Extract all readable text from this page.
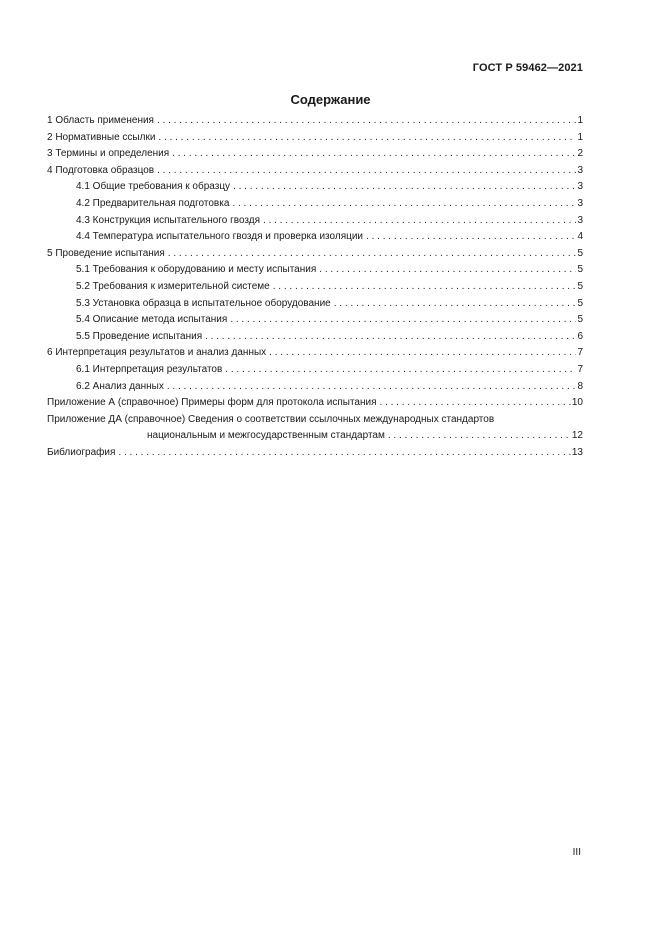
ГОСТ Р 59462—2021
Содержание
1 Область применения . . .	1
2 Нормативные ссылки . . .	1
3 Термины и определения . . .	2
4 Подготовка образцов . . .	3
4.1 Общие требования к образцу . . .	3
4.2 Предварительная подготовка . . .	3
4.3 Конструкция испытательного гвоздя . . .	3
4.4 Температура испытательного гвоздя и проверка изоляции . . .	4
5 Проведение испытания . . .	5
5.1 Требования к оборудованию и месту испытания . . .	5
5.2 Требования к измерительной системе . . .	5
5.3 Установка образца в испытательное оборудование . . .	5
5.4 Описание метода испытания . . .	5
5.5 Проведение испытания . . .	6
6 Интерпретация результатов и анализ данных . . .	7
6.1 Интерпретация результатов . . .	7
6.2 Анализ данных . . .	8
Приложение А (справочное) Примеры форм для протокола испытания . . .	10
Приложение ДА (справочное) Сведения о соответствии ссылочных международных стандартов
национальным и межгосударственным стандартам . . .	12
Библиография . . .	13
III
